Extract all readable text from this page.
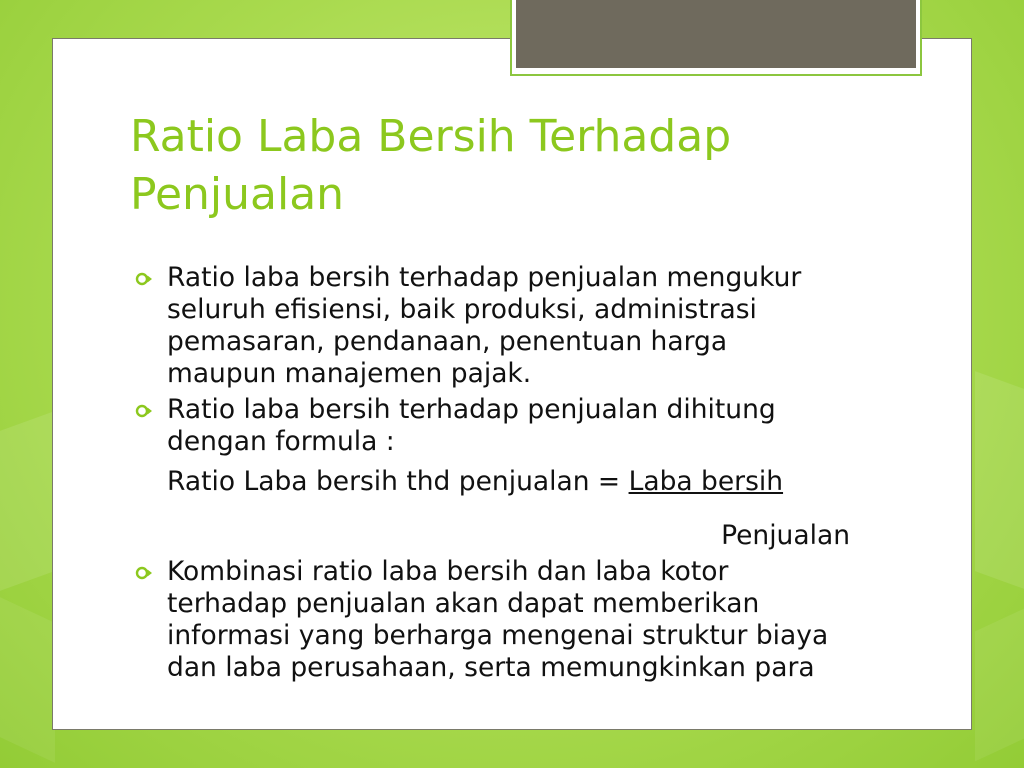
Ratio Laba Bersih Terhadap Penjualan
Ratio laba bersih terhadap penjualan mengukur seluruh efisiensi, baik produksi, administrasi pemasaran, pendanaan, penentuan harga maupun manajemen pajak.
Ratio laba bersih terhadap penjualan dihitung dengan formula :
Ratio Laba bersih thd penjualan = Laba bersih
Penjualan
Kombinasi ratio laba bersih dan laba kotor terhadap penjualan akan dapat memberikan informasi yang berharga mengenai struktur biaya dan laba perusahaan, serta memungkinkan para
